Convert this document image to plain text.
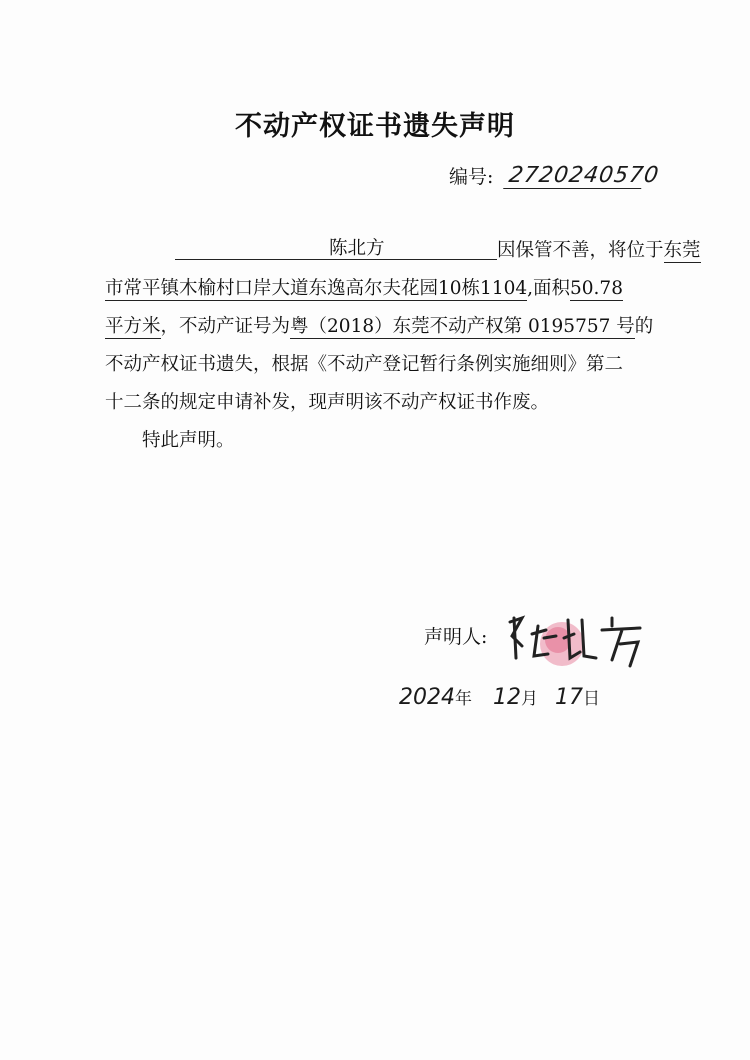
不动产权证书遗失声明
编号: 2720240570
陈北方	因保管不善，将位于东莞
市常平镇木榆村口岸大道东逸高尔夫花园10栋1104,面积50.78
平方米，不动产证号为粤（2018）东莞不动产权第 0195757 号的
不动产权证书遗失，根据《不动产登记暂行条例实施细则》第二
十二条的规定申请补发，现声明该不动产权证书作废。
特此声明。
声明人:
2024年 12月 17日
